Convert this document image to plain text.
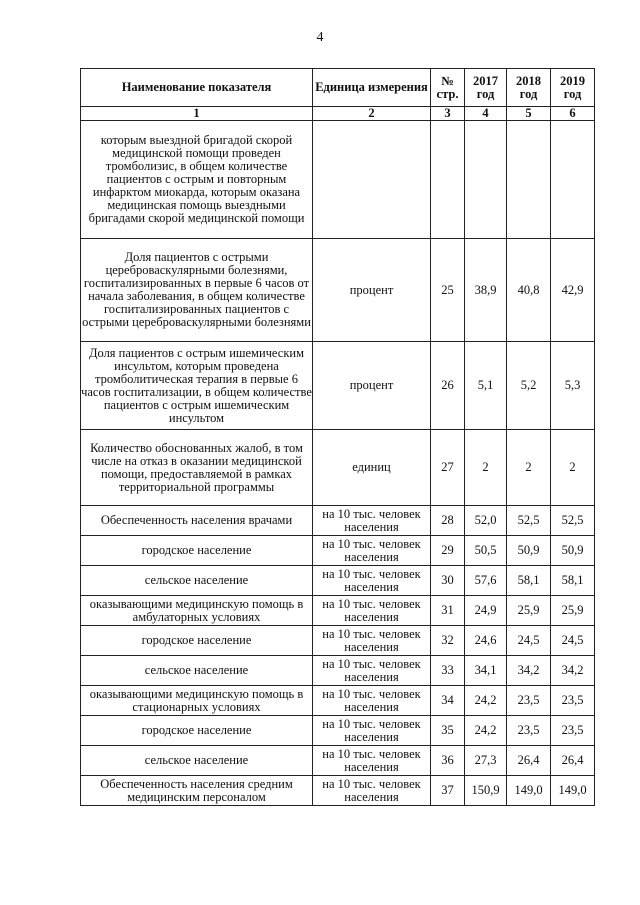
4
Наименование показателя	Единица измерения	№ стр.	2017 год	2018 год	2019 год
1	2	3	4	5	6
которым выездной бригадой скорой медицинской помощи проведен тромболизис, в общем количестве пациентов с острым и повторным инфарктом миокарда, которым оказана медицинская помощь выездными бригадами скорой медицинской помощи					
Доля пациентов с острыми цереброваскулярными болезнями, госпитализированных в первые 6 часов от начала заболевания, в общем количестве госпитализированных пациентов с острыми цереброваскулярными болезнями	процент	25	38,9	40,8	42,9
Доля пациентов с острым ишемическим инсультом, которым проведена тромболитическая терапия в первые 6 часов госпитализации, в общем количестве пациентов с острым ишемическим инсультом	процент	26	5,1	5,2	5,3
Количество обоснованных жалоб, в том числе на отказ в оказании медицинской помощи, предоставляемой в рамках территориальной программы	единиц	27	2	2	2
Обеспеченность населения врачами	на 10 тыс. человек населения	28	52,0	52,5	52,5
городское население	на 10 тыс. человек населения	29	50,5	50,9	50,9
сельское население	на 10 тыс. человек населения	30	57,6	58,1	58,1
оказывающими медицинскую помощь в амбулаторных условиях	на 10 тыс. человек населения	31	24,9	25,9	25,9
городское население	на 10 тыс. человек населения	32	24,6	24,5	24,5
сельское население	на 10 тыс. человек населения	33	34,1	34,2	34,2
оказывающими медицинскую помощь в стационарных условиях	на 10 тыс. человек населения	34	24,2	23,5	23,5
городское население	на 10 тыс. человек населения	35	24,2	23,5	23,5
сельское население	на 10 тыс. человек населения	36	27,3	26,4	26,4
Обеспеченность населения средним медицинским персоналом	на 10 тыс. человек населения	37	150,9	149,0	149,0
